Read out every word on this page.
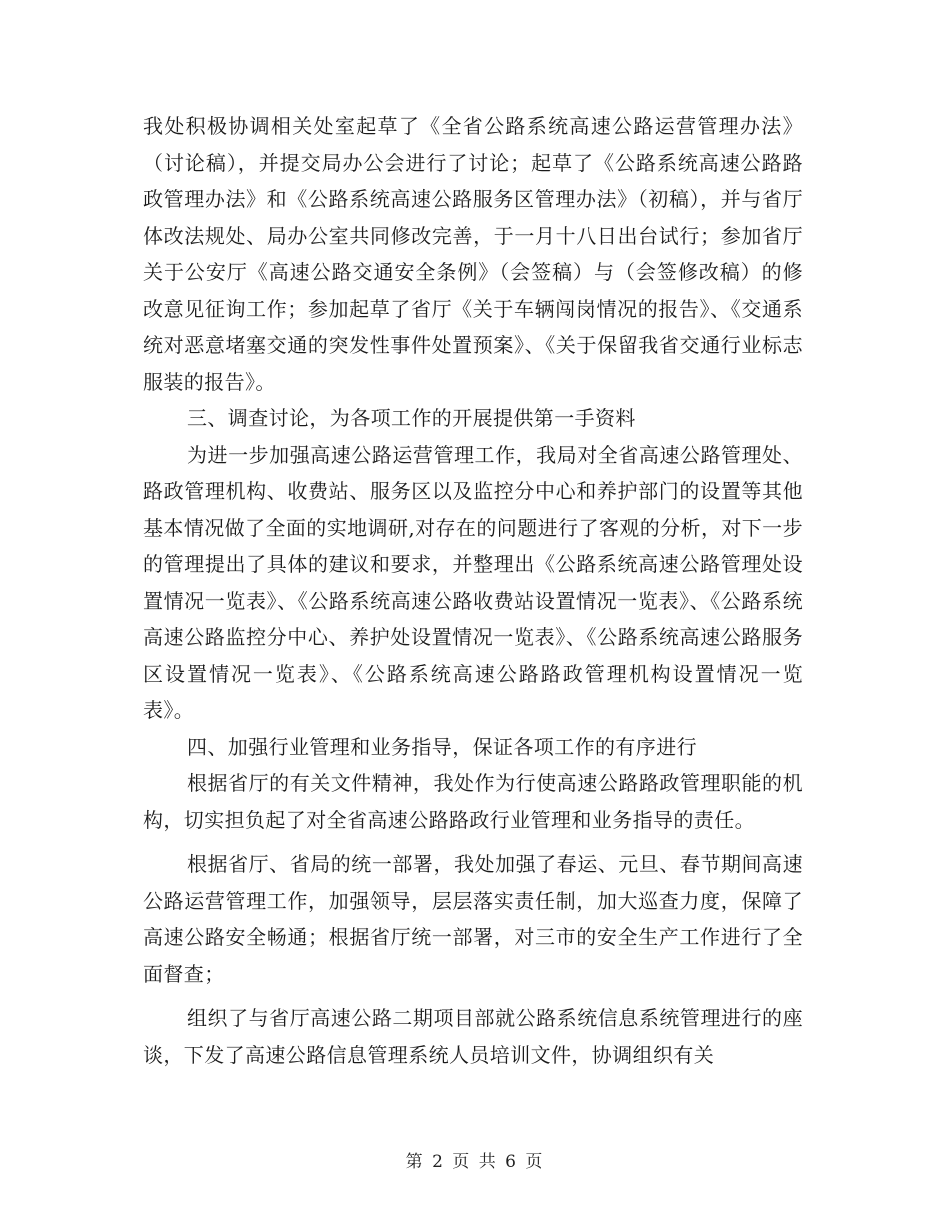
我处积极协调相关处室起草了《全省公路系统高速公路运营管理办法》（讨论稿），并提交局办公会进行了讨论；起草了《公路系统高速公路路政管理办法》和《公路系统高速公路服务区管理办法》（初稿），并与省厅体改法规处、局办公室共同修改完善，于一月十八日出台试行；参加省厅关于公安厅《高速公路交通安全条例》（会签稿）与（会签修改稿）的修改意见征询工作；参加起草了省厅《关于车辆闯岗情况的报告》、《交通系统对恶意堵塞交通的突发性事件处置预案》、《关于保留我省交通行业标志服装的报告》。

三、调查讨论，为各项工作的开展提供第一手资料

为进一步加强高速公路运营管理工作，我局对全省高速公路管理处、路政管理机构、收费站、服务区以及监控分中心和养护部门的设置等其他基本情况做了全面的实地调研,对存在的问题进行了客观的分析，对下一步的管理提出了具体的建议和要求，并整理出《公路系统高速公路管理处设置情况一览表》、《公路系统高速公路收费站设置情况一览表》、《公路系统高速公路监控分中心、养护处设置情况一览表》、《公路系统高速公路服务区设置情况一览表》、《公路系统高速公路路政管理机构设置情况一览表》。

四、加强行业管理和业务指导，保证各项工作的有序进行

根据省厅的有关文件精神，我处作为行使高速公路路政管理职能的机构，切实担负起了对全省高速公路路政行业管理和业务指导的责任。

根据省厅、省局的统一部署，我处加强了春运、元旦、春节期间高速公路运营管理工作，加强领导，层层落实责任制，加大巡查力度，保障了高速公路安全畅通；根据省厅统一部署，对三市的安全生产工作进行了全面督查；

组织了与省厅高速公路二期项目部就公路系统信息系统管理进行的座谈，下发了高速公路信息管理系统人员培训文件，协调组织有关

第 2 页 共 6 页
